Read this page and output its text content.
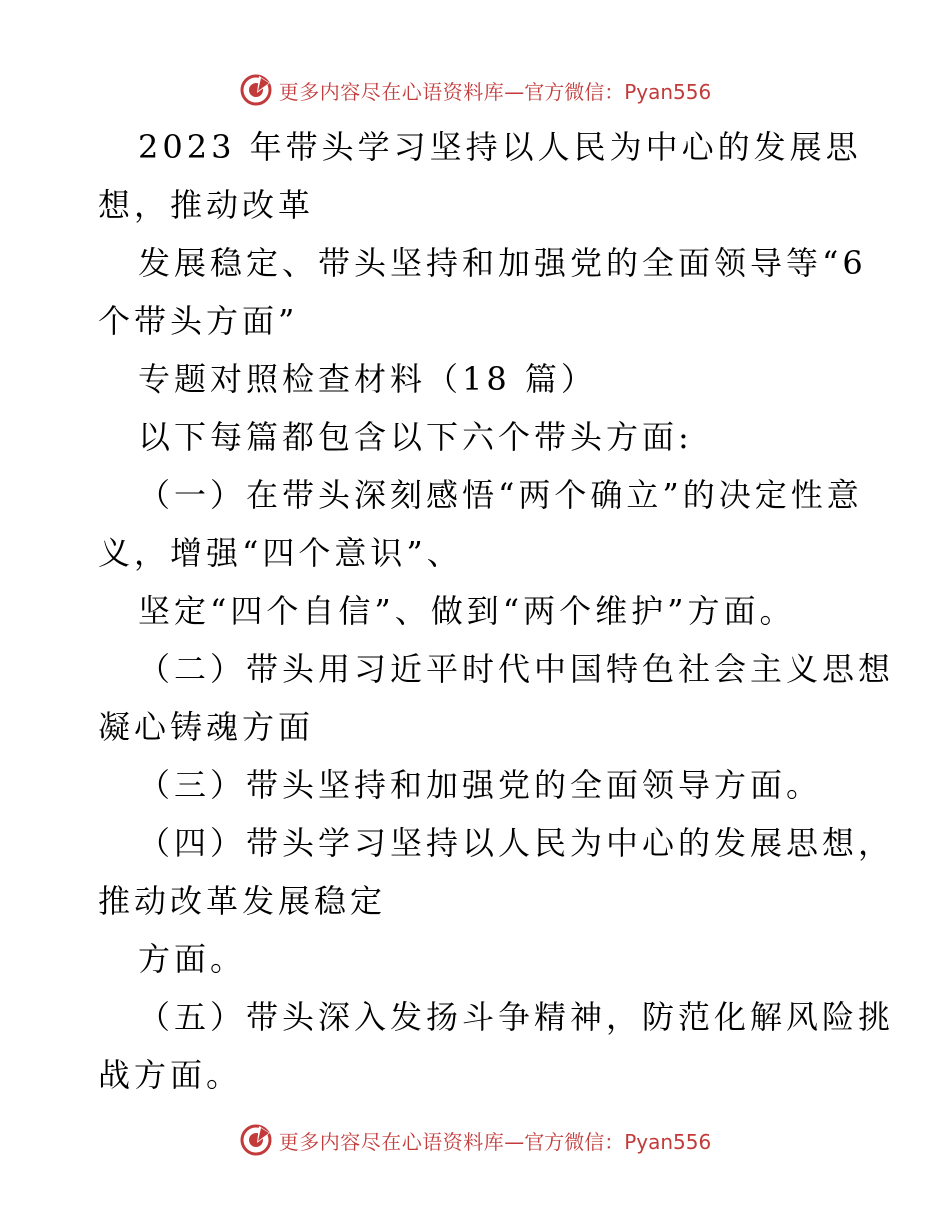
更多内容尽在心语资料库 —官方微信：Pyan556
2023 年带头学习坚持以人民为中心的发展思
想，推动改革
发展稳定、带头坚持和加强党的全面领导等“6
个带头方面”
专题对照检查材料（18 篇）
以下每篇都包含以下六个带头方面:
（一）在带头深刻感悟“两个确立”的决定性意
义，增强“四个意识”、
坚定“四个自信”、做到“两个维护”方面。
（二）带头用习近平时代中国特色社会主义思想
凝心铸魂方面
（三）带头坚持和加强党的全面领导方面。
（四）带头学习坚持以人民为中心的发展思想，
推动改革发展稳定
方面。
（五）带头深入发扬斗争精神，防范化解风险挑
战方面。
更多内容尽在心语资料库 —官方微信：Pyan556
